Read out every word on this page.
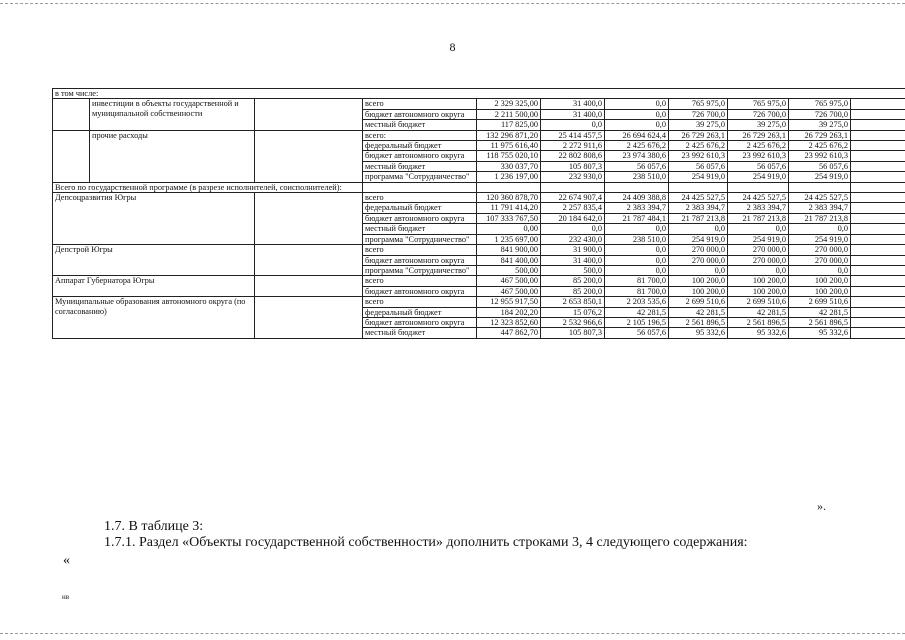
8
в том числе:										
	инвестиции в объекты государственной и муниципальной собственности		всего	2 329 325,00	31 400,0	0,0	765 975,0	765 975,0	765 975,0	
			бюджет автономного округа	2 211 500,00	31 400,0	0,0	726 700,0	726 700,0	726 700,0	
			местный бюджет	117 825,00	0,0	0,0	39 275,0	39 275,0	39 275,0	
	прочие расходы		всего:	132 296 871,20	25 414 457,5	26 694 624,4	26 729 263,1	26 729 263,1	26 729 263,1	
			федеральный бюджет	11 975 616,40	2 272 911,6	2 425 676,2	2 425 676,2	2 425 676,2	2 425 676,2	
			бюджет автономного округа	118 755 020,10	22 802 808,6	23 974 380,6	23 992 610,3	23 992 610,3	23 992 610,3	
			местный бюджет	330 037,70	105 807,3	56 057,6	56 057,6	56 057,6	56 057,6	
			программа "Сотрудничество"	1 236 197,00	232 930,0	238 510,0	254 919,0	254 919,0	254 919,0	
Всего по государственной программе (в разрезе исполнителей, соисполнителей):										
Депсоцразвития Югры			всего	120 360 878,70	22 674 907,4	24 409 388,8	24 425 527,5	24 425 527,5	24 425 527,5	
			федеральный бюджет	11 791 414,20	2 257 835,4	2 383 394,7	2 383 394,7	2 383 394,7	2 383 394,7	
			бюджет автономного округа	107 333 767,50	20 184 642,0	21 787 484,1	21 787 213,8	21 787 213,8	21 787 213,8	
			местный бюджет	0,00	0,0	0,0	0,0	0,0	0,0	
			программа "Сотрудничество"	1 235 697,00	232 430,0	238 510,0	254 919,0	254 919,0	254 919,0	
Депстрой Югры			всего	841 900,00	31 900,0	0,0	270 000,0	270 000,0	270 000,0	
			бюджет автономного округа	841 400,00	31 400,0	0,0	270 000,0	270 000,0	270 000,0	
			программа "Сотрудничество"	500,00	500,0	0,0	0,0	0,0	0,0	
Аппарат Губернатора Югры			всего	467 500,00	85 200,0	81 700,0	100 200,0	100 200,0	100 200,0	
			бюджет автономного округа	467 500,00	85 200,0	81 700,0	100 200,0	100 200,0	100 200,0	
Муниципальные образования автономного округа (по согласованию)			всего	12 955 917,50	2 653 850,1	2 203 535,6	2 699 510,6	2 699 510,6	2 699 510,6	
			федеральный бюджет	184 202,20	15 076,2	42 281,5	42 281,5	42 281,5	42 281,5	
			бюджет автономного округа	12 323 852,60	2 532 966,6	2 105 196,5	2 561 896,5	2 561 896,5	2 561 896,5	
			местный бюджет	447 862,70	105 807,3	56 057,6	95 332,6	95 332,6	95 332,6	
».
1.7. В таблице 3:
1.7.1. Раздел «Объекты государственной собственности» дополнить строками 3, 4 следующего содержания:
«
нв
